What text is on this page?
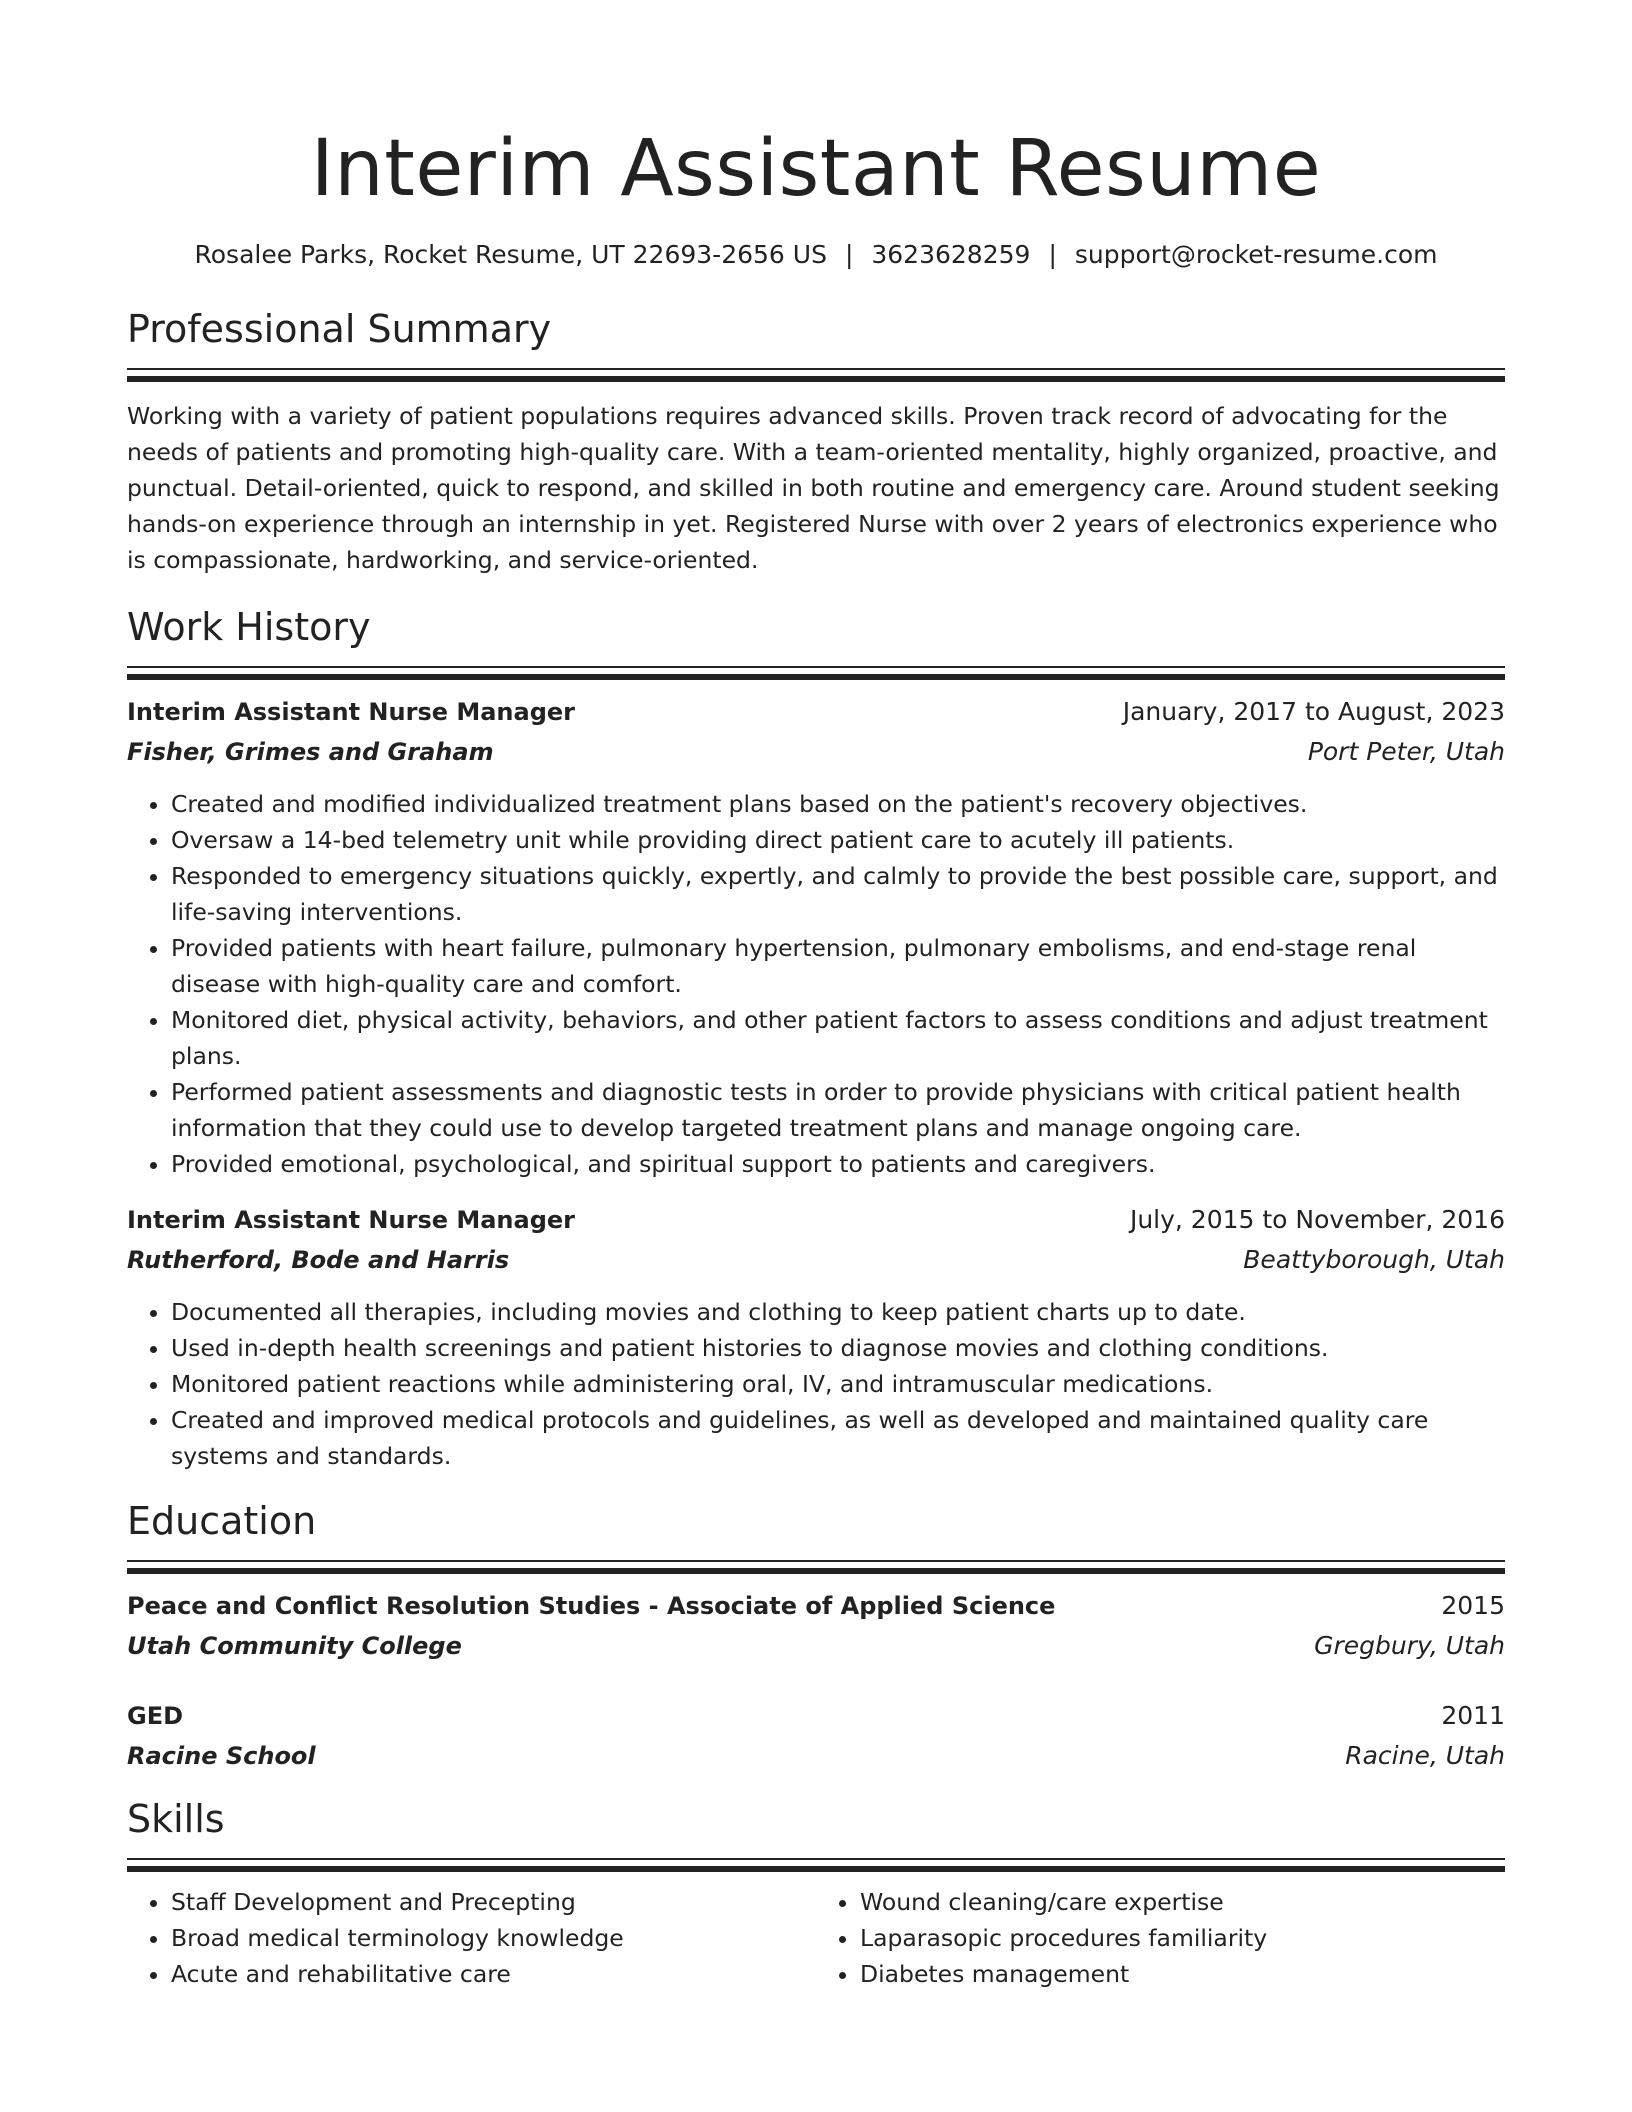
Interim Assistant Resume
Rosalee Parks, Rocket Resume, UT 22693-2656 US | 3623628259 | support@rocket-resume.com
Professional Summary

Working with a variety of patient populations requires advanced skills. Proven track record of advocating for the needs of patients and promoting high-quality care. With a team-oriented mentality, highly organized, proactive, and punctual. Detail-oriented, quick to respond, and skilled in both routine and emergency care. Around student seeking hands-on experience through an internship in yet. Registered Nurse with over 2 years of electronics experience who is compassionate, hardworking, and service-oriented.

Work History
Interim Assistant Nurse Manager	January, 2017 to August, 2023
Fisher, Grimes and Graham	Port Peter, Utah
• Created and modified individualized treatment plans based on the patient's recovery objectives.
• Oversaw a 14-bed telemetry unit while providing direct patient care to acutely ill patients.
• Responded to emergency situations quickly, expertly, and calmly to provide the best possible care, support, and life-saving interventions.
• Provided patients with heart failure, pulmonary hypertension, pulmonary embolisms, and end-stage renal disease with high-quality care and comfort.
• Monitored diet, physical activity, behaviors, and other patient factors to assess conditions and adjust treatment plans.
• Performed patient assessments and diagnostic tests in order to provide physicians with critical patient health information that they could use to develop targeted treatment plans and manage ongoing care.
• Provided emotional, psychological, and spiritual support to patients and caregivers.
Interim Assistant Nurse Manager	July, 2015 to November, 2016
Rutherford, Bode and Harris	Beattyborough, Utah
• Documented all therapies, including movies and clothing to keep patient charts up to date.
• Used in-depth health screenings and patient histories to diagnose movies and clothing conditions.
• Monitored patient reactions while administering oral, IV, and intramuscular medications.
• Created and improved medical protocols and guidelines, as well as developed and maintained quality care systems and standards.
Education
Peace and Conflict Resolution Studies - Associate of Applied Science	2015
Utah Community College	Gregbury, Utah
GED	2011
Racine School	Racine, Utah
Skills
• Staff Development and Precepting
• Broad medical terminology knowledge
• Acute and rehabilitative care
• Wound cleaning/care expertise
• Laparasopic procedures familiarity
• Diabetes management
